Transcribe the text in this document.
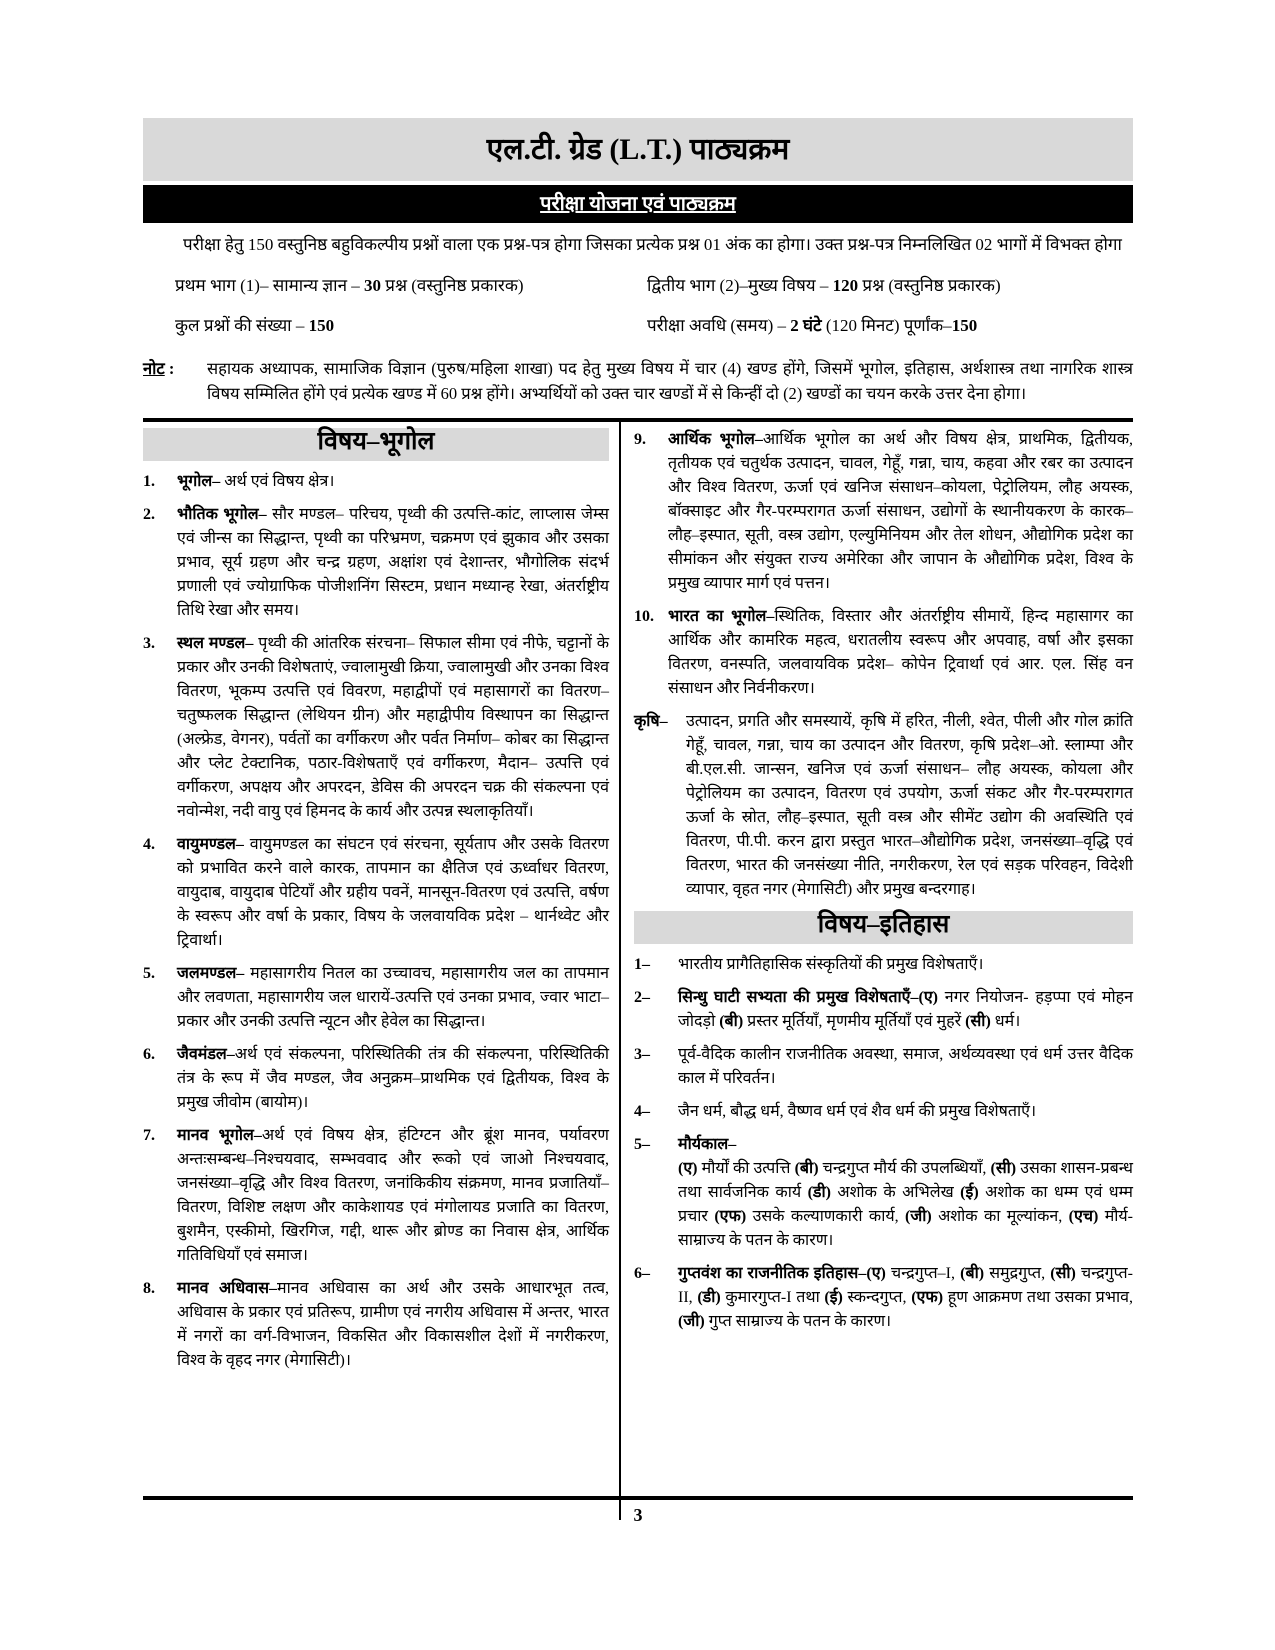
एल.टी. ग्रेड (L.T.) पाठ्यक्रम
परीक्षा योजना एवं पाठ्यक्रम
परीक्षा हेतु 150 वस्तुनिष्ठ बहुविकल्पीय प्रश्नों वाला एक प्रश्न-पत्र होगा जिसका प्रत्येक प्रश्न 01 अंक का होगा। उक्त प्रश्न-पत्र निम्नलिखित 02 भागों में विभक्त होगा
प्रथम भाग (1)– सामान्य ज्ञान – 30 प्रश्न (वस्तुनिष्ठ प्रकारक)	द्वितीय भाग (2)–मुख्य विषय – 120 प्रश्न (वस्तुनिष्ठ प्रकारक)
कुल प्रश्नों की संख्या – 150	परीक्षा अवधि (समय) – 2 घंटे (120 मिनट) पूर्णांक–150
नोट :	सहायक अध्यापक, सामाजिक विज्ञान (पुरुष/महिला शाखा) पद हेतु मुख्य विषय में चार (4) खण्ड होंगे, जिसमें भूगोल, इतिहास, अर्थशास्त्र तथा नागरिक शास्त्र विषय सम्मिलित होंगे एवं प्रत्येक खण्ड में 60 प्रश्न होंगे। अभ्यर्थियों को उक्त चार खण्डों में से किन्हीं दो (2) खण्डों का चयन करके उत्तर देना होगा।
विषय–भूगोल
1. भूगोल– अर्थ एवं विषय क्षेत्र।
2. भौतिक भूगोल– सौर मण्डल– परिचय, पृथ्वी की उत्पत्ति-कांट, लाप्लास जेम्स एवं जीन्स का सिद्धान्त, पृथ्वी का परिभ्रमण, चक्रमण एवं झुकाव और उसका प्रभाव, सूर्य ग्रहण और चन्द्र ग्रहण, अक्षांश एवं देशान्तर, भौगोलिक संदर्भ प्रणाली एवं ज्योग्राफिक पोजीशनिंग सिस्टम, प्रधान मध्यान्ह रेखा, अंतर्राष्ट्रीय तिथि रेखा और समय।
3. स्थल मण्डल– पृथ्वी की आंतरिक संरचना– सिफाल सीमा एवं नीफे, चट्टानों के प्रकार और उनकी विशेषताएं, ज्वालामुखी क्रिया, ज्वालामुखी और उनका विश्व वितरण, भूकम्प उत्पत्ति एवं विवरण, महाद्वीपों एवं महासागरों का वितरण– चतुष्फलक सिद्धान्त (लेथियन ग्रीन) और महाद्वीपीय विस्थापन का सिद्धान्त (अल्फ्रेड, वेगनर), पर्वतों का वर्गीकरण और पर्वत निर्माण– कोबर का सिद्धान्त और प्लेट टेक्टानिक, पठार-विशेषताएँ एवं वर्गीकरण, मैदान– उत्पत्ति एवं वर्गीकरण, अपक्षय और अपरदन, डेविस की अपरदन चक्र की संकल्पना एवं नवोन्मेश, नदी वायु एवं हिमनद के कार्य और उत्पन्न स्थलाकृतियाँ।
4. वायुमण्डल– वायुमण्डल का संघटन एवं संरचना, सूर्यताप और उसके वितरण को प्रभावित करने वाले कारक, तापमान का क्षैतिज एवं ऊर्ध्वाधर वितरण, वायुदाब, वायुदाब पेटियाँ और ग्रहीय पवनें, मानसून-वितरण एवं उत्पत्ति, वर्षण के स्वरूप और वर्षा के प्रकार, विषय के जलवायविक प्रदेश – थार्नथ्वेट और ट्रिवार्था।
5. जलमण्डल– महासागरीय नितल का उच्चावच, महासागरीय जल का तापमान और लवणता, महासागरीय जल धारायें-उत्पत्ति एवं उनका प्रभाव, ज्वार भाटा–प्रकार और उनकी उत्पत्ति न्यूटन और हेवेल का सिद्धान्त।
6. जैवमंडल–अर्थ एवं संकल्पना, परिस्थितिकी तंत्र की संकल्पना, परिस्थितिकी तंत्र के रूप में जैव मण्डल, जैव अनुक्रम–प्राथमिक एवं द्वितीयक, विश्व के प्रमुख जीवोम (बायोम)।
7. मानव भूगोल–अर्थ एवं विषय क्षेत्र, हंटिग्टन और ब्रूंश मानव, पर्यावरण अन्तःसम्बन्ध–निश्चयवाद, सम्भववाद और रूको एवं जाओ निश्चयवाद, जनसंख्या–वृद्धि और विश्व वितरण, जनांकिकीय संक्रमण, मानव प्रजातियाँ–वितरण, विशिष्ट लक्षण और काकेशायड एवं मंगोलायड प्रजाति का वितरण, बुशमैन, एस्कीमो, खिरगिज, गद्दी, थारू और ब्रोण्ड का निवास क्षेत्र, आर्थिक गतिविधियाँ एवं समाज।
8. मानव अधिवास–मानव अधिवास का अर्थ और उसके आधारभूत तत्व, अधिवास के प्रकार एवं प्रतिरूप, ग्रामीण एवं नगरीय अधिवास में अन्तर, भारत में नगरों का वर्ग-विभाजन, विकसित और विकासशील देशों में नगरीकरण, विश्व के वृहद नगर (मेगासिटी)।
9. आर्थिक भूगोल–आर्थिक भूगोल का अर्थ और विषय क्षेत्र, प्राथमिक, द्वितीयक, तृतीयक एवं चतुर्थक उत्पादन, चावल, गेहूँ, गन्ना, चाय, कहवा और रबर का उत्पादन और विश्व वितरण, ऊर्जा एवं खनिज संसाधन–कोयला, पेट्रोलियम, लौह अयस्क, बॉक्साइट और गैर-परम्परागत ऊर्जा संसाधन, उद्योगों के स्थानीयकरण के कारक– लौह–इस्पात, सूती, वस्त्र उद्योग, एल्युमिनियम और तेल शोधन, औद्योगिक प्रदेश का सीमांकन और संयुक्त राज्य अमेरिका और जापान के औद्योगिक प्रदेश, विश्व के प्रमुख व्यापार मार्ग एवं पत्तन।
10. भारत का भूगोल–स्थितिक, विस्तार और अंतर्राष्ट्रीय सीमायें, हिन्द महासागर का आर्थिक और कामरिक महत्व, धरातलीय स्वरूप और अपवाह, वर्षा और इसका वितरण, वनस्पति, जलवायविक प्रदेश– कोपेन ट्रिवार्था एवं आर. एल. सिंह वन संसाधन और निर्वनीकरण।
कृषि– उत्पादन, प्रगति और समस्यायें, कृषि में हरित, नीली, श्वेत, पीली और गोल क्रांति गेहूँ, चावल, गन्ना, चाय का उत्पादन और वितरण, कृषि प्रदेश–ओ. स्लाम्पा और बी.एल.सी. जान्सन, खनिज एवं ऊर्जा संसाधन– लौह अयस्क, कोयला और पेट्रोलियम का उत्पादन, वितरण एवं उपयोग, ऊर्जा संकट और गैर-परम्परागत ऊर्जा के स्रोत, लौह–इस्पात, सूती वस्त्र और सीमेंट उद्योग की अवस्थिति एवं वितरण, पी.पी. करन द्वारा प्रस्तुत भारत–औद्योगिक प्रदेश, जनसंख्या–वृद्धि एवं वितरण, भारत की जनसंख्या नीति, नगरीकरण, रेल एवं सड़क परिवहन, विदेशी व्यापार, वृहत नगर (मेगासिटी) और प्रमुख बन्दरगाह।
विषय–इतिहास
1– भारतीय प्रागैतिहासिक संस्कृतियों की प्रमुख विशेषताएँ।
2– सिन्धु घाटी सभ्यता की प्रमुख विशेषताएँ–(ए) नगर नियोजन- हड़प्पा एवं मोहन जोदड़ो (बी) प्रस्तर मूर्तियाँ, मृणमीय मूर्तियाँ एवं मुहरें (सी) धर्म।
3– पूर्व-वैदिक कालीन राजनीतिक अवस्था, समाज, अर्थव्यवस्था एवं धर्म उत्तर वैदिक काल में परिवर्तन।
4– जैन धर्म, बौद्ध धर्म, वैष्णव धर्म एवं शैव धर्म की प्रमुख विशेषताएँ।
5– मौर्यकाल–
(ए) मौर्यों की उत्पत्ति (बी) चन्द्रगुप्त मौर्य की उपलब्धियाँ, (सी) उसका शासन-प्रबन्ध तथा सार्वजनिक कार्य (डी) अशोक के अभिलेख (ई) अशोक का धम्म एवं धम्म प्रचार (एफ) उसके कल्याणकारी कार्य, (जी) अशोक का मूल्यांकन, (एच) मौर्य-साम्राज्य के पतन के कारण।
6– गुप्तवंश का राजनीतिक इतिहास–(ए) चन्द्रगुप्त–I, (बी) समुद्रगुप्त, (सी) चन्द्रगुप्त-II, (डी) कुमारगुप्त-I तथा (ई) स्कन्दगुप्त, (एफ) हूण आक्रमण तथा उसका प्रभाव, (जी) गुप्त साम्राज्य के पतन के कारण।
3
